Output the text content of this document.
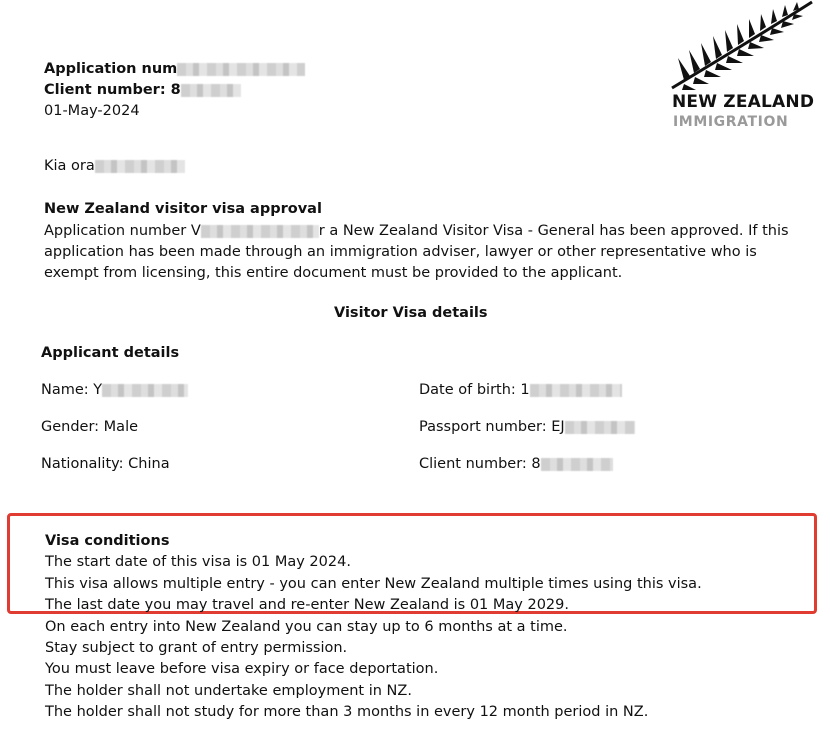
NEW ZEALAND
IMMIGRATION
Application num
Client number: 8
01-May-2024
Kia ora
New Zealand visitor visa approval
Application number V	r a New Zealand Visitor Visa - General has been approved. If this
application has been made through an immigration adviser, lawyer or other representative who is
exempt from licensing, this entire document must be provided to the applicant.
Visitor Visa details
Applicant details
Name: Y	Date of birth: 1
Gender: Male	Passport number: EJ
Nationality: China	Client number: 8
Visa conditions
The start date of this visa is 01 May 2024.
This visa allows multiple entry - you can enter New Zealand multiple times using this visa.
The last date you may travel and re-enter New Zealand is 01 May 2029.
On each entry into New Zealand you can stay up to 6 months at a time.
Stay subject to grant of entry permission.
You must leave before visa expiry or face deportation.
The holder shall not undertake employment in NZ.
The holder shall not study for more than 3 months in every 12 month period in NZ.
